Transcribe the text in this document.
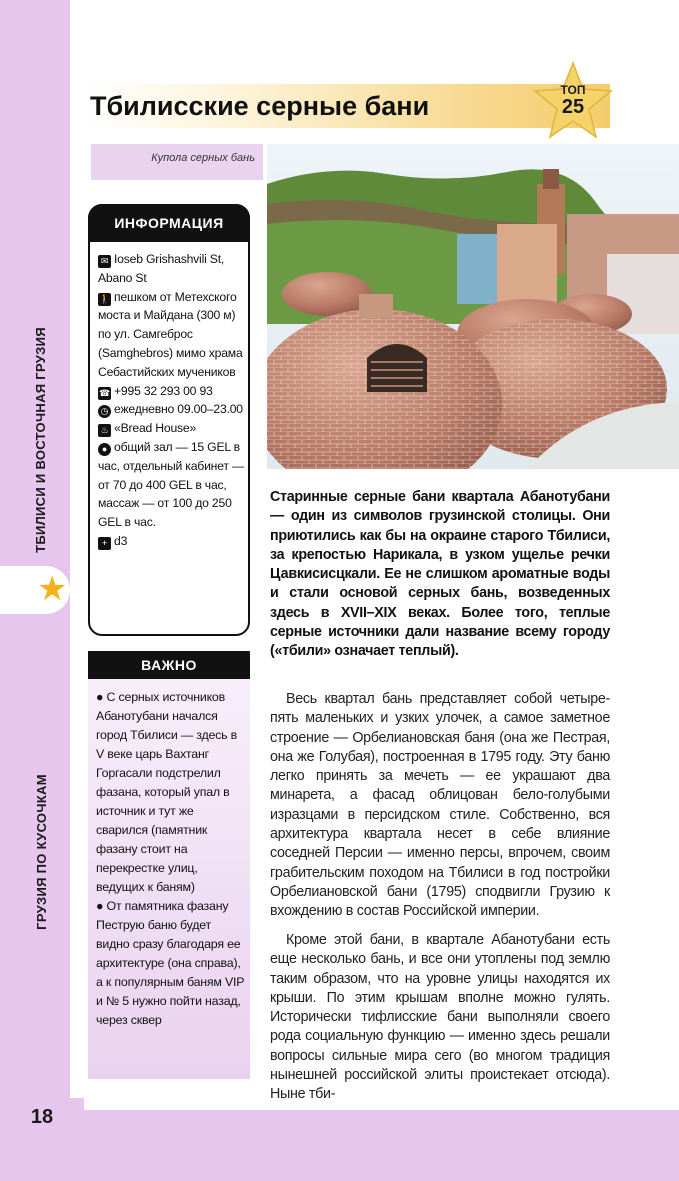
18
ТБИЛИСИ И ВОСТОЧНАЯ ГРУЗИЯ
ГРУЗИЯ ПО КУСОЧКАМ
★
Тбилисские серные бани
ТОП
25
Купола серных бань
ИНФОРМАЦИЯ
✉ Ioseb Grishashvili St, Abano St
🚶 пешком от Метехского моста и Майдана (300 м) по ул. Самгеброс (Samghebros) мимо храма Себастийских мучеников
☎ +995 32 293 00 93
◷ ежедневно 09.00–23.00
♨ «Bread House»
● общий зал — 15 GEL в час, отдельный кабинет — от 70 до 400 GEL в час, массаж — от 100 до 250 GEL в час.
+ d3
ВАЖНО
● С серных источников Абанотубани начался город Тбилиси — здесь в V веке царь Вахтанг Горгасали подстрелил фазана, который упал в источник и тут же сварился (памятник фазану стоит на перекрестке улиц, ведущих к баням)
● От памятника фазану Пеструю баню будет видно сразу благодаря ее архитектуре (она справа), а к популярным баням VIP и № 5 нужно пойти назад, через сквер
Старинные серные бани квартала Абанотубани — один из символов грузинской столицы. Они приютились как бы на окраине старого Тбилиси, за крепостью Нарикала, в узком ущелье речки Цавкисисцкали. Ее не слишком ароматные воды и стали основой серных бань, возведенных здесь в XVII–XIX веках. Более того, теплые серные источники дали название всему городу («тбили» означает теплый).
Весь квартал бань представляет собой четыре-пять маленьких и узких улочек, а самое заметное строение — Орбелиановская баня (она же Пестрая, она же Голубая), построенная в 1795 году. Эту баню легко принять за мечеть — ее украшают два минарета, а фасад облицован бело-голубыми изразцами в персидском стиле. Собственно, вся архитектура квартала несет в себе влияние соседней Персии — именно персы, впрочем, своим грабительским походом на Тбилиси в год постройки Орбелиановской бани (1795) сподвигли Грузию к вхождению в состав Российской империи.
Кроме этой бани, в квартале Абанотубани есть еще несколько бань, и все они утоплены под землю таким образом, что на уровне улицы находятся их крыши. По этим крышам вполне можно гулять. Исторически тифлисские бани выполняли своего рода социальную функцию — именно здесь решали вопросы сильные мира сего (во многом традиция нынешней российской элиты проистекает отсюда). Ныне тби-
